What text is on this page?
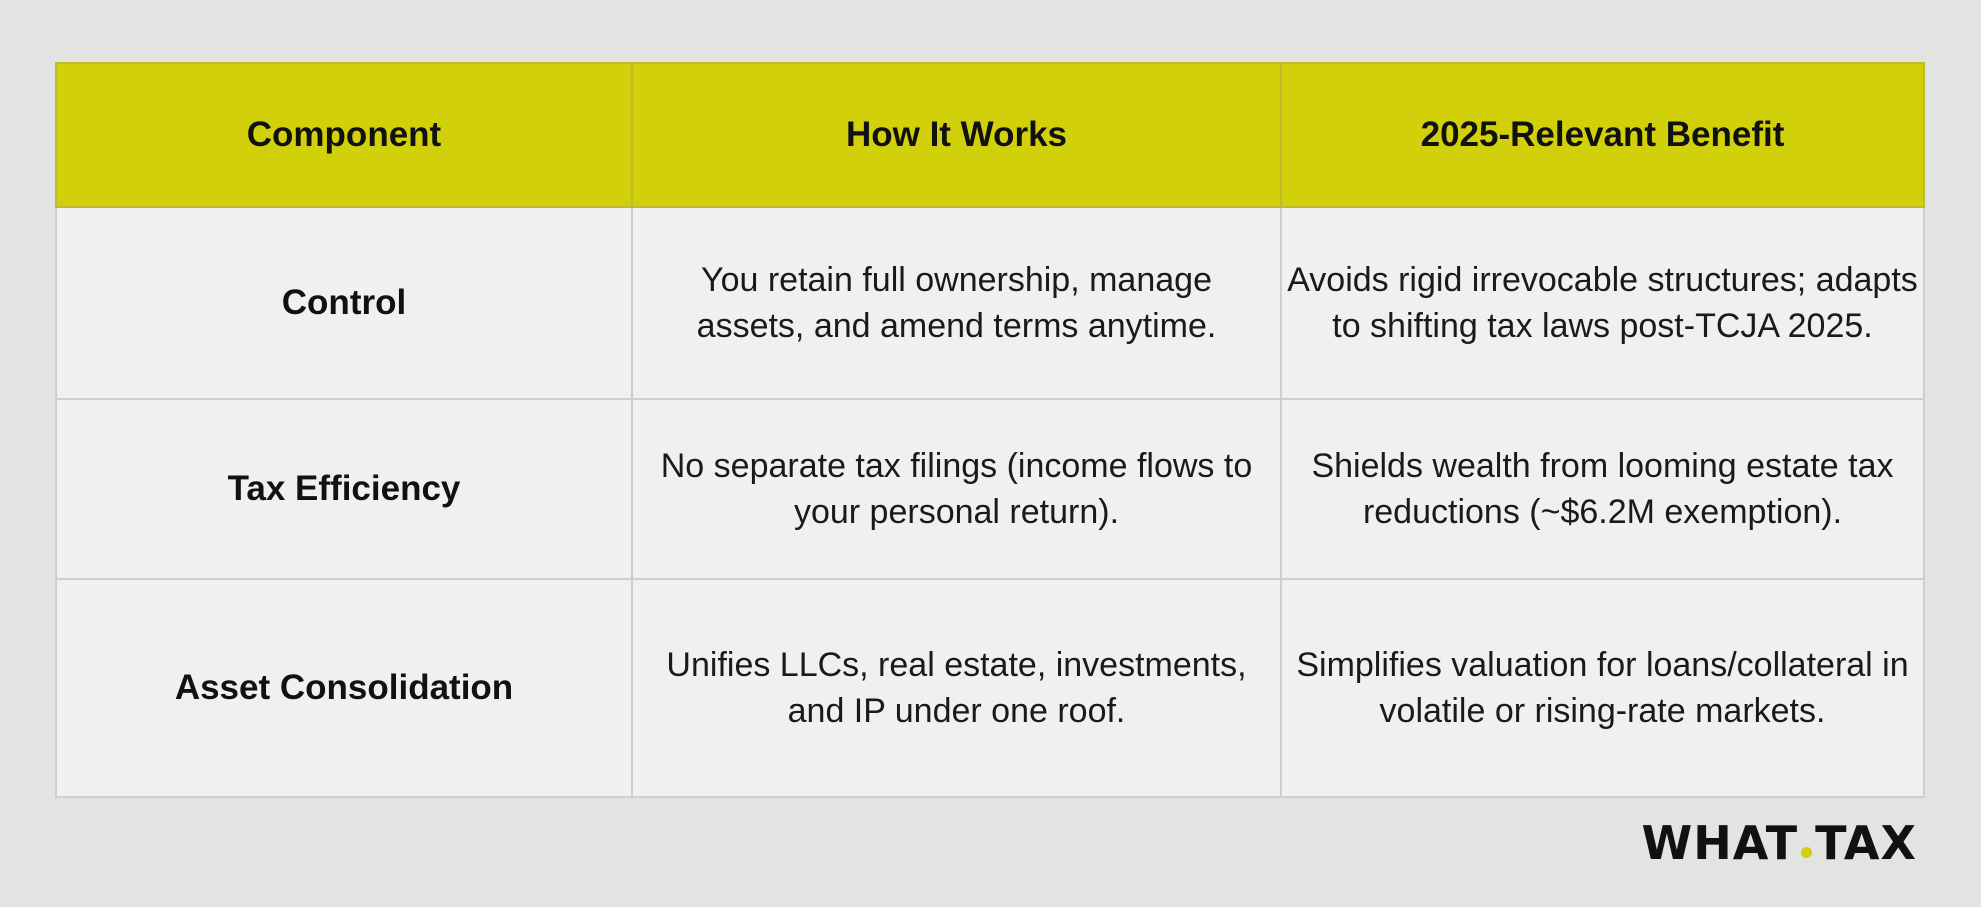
Component	How It Works	2025-Relevant Benefit
Control	You retain full ownership, manage assets, and amend terms anytime.	Avoids rigid irrevocable structures; adapts to shifting tax laws post-TCJA 2025.
Tax Efficiency	No separate tax filings (income flows to your personal return).	Shields wealth from looming estate tax reductions (~$6.2M exemption).
Asset Consolidation	Unifies LLCs, real estate, investments, and IP under one roof.	Simplifies valuation for loans/collateral in volatile or rising-rate markets.
WHAT TAX
